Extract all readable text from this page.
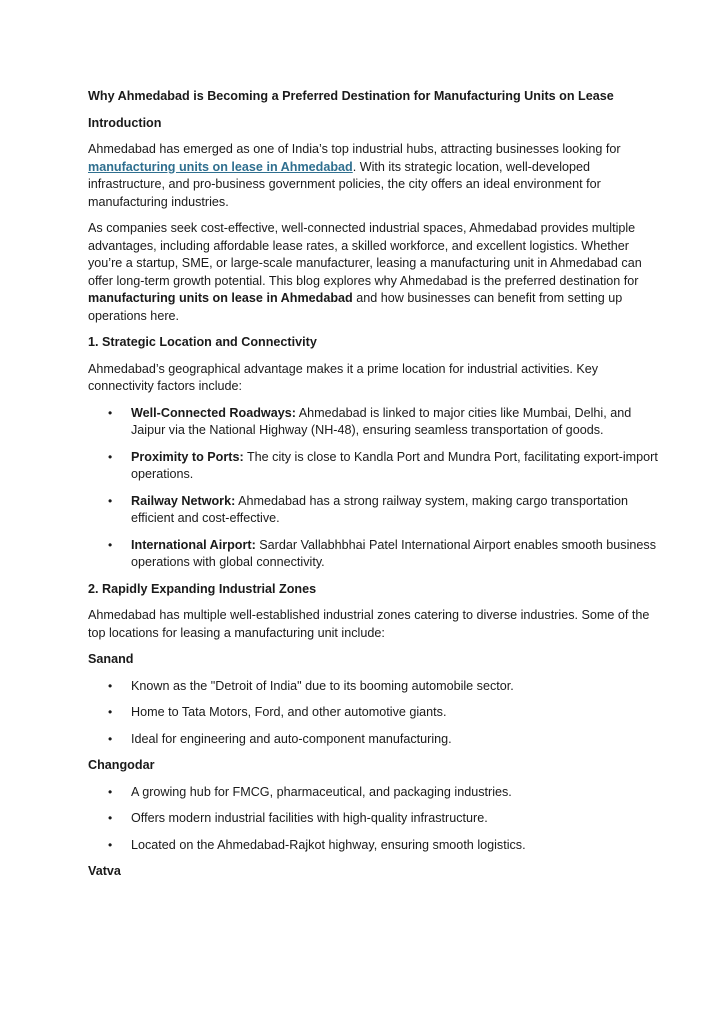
Why Ahmedabad is Becoming a Preferred Destination for Manufacturing Units on Lease
Introduction

Ahmedabad has emerged as one of India’s top industrial hubs, attracting businesses looking for manufacturing units on lease in Ahmedabad. With its strategic location, well-developed infrastructure, and pro-business government policies, the city offers an ideal environment for manufacturing industries.

As companies seek cost-effective, well-connected industrial spaces, Ahmedabad provides multiple advantages, including affordable lease rates, a skilled workforce, and excellent logistics. Whether you’re a startup, SME, or large-scale manufacturer, leasing a manufacturing unit in Ahmedabad can offer long-term growth potential. This blog explores why Ahmedabad is the preferred destination for manufacturing units on lease in Ahmedabad and how businesses can benefit from setting up operations here.

1. Strategic Location and Connectivity

Ahmedabad’s geographical advantage makes it a prime location for industrial activities. Key connectivity factors include:

• Well-Connected Roadways: Ahmedabad is linked to major cities like Mumbai, Delhi, and Jaipur via the National Highway (NH-48), ensuring seamless transportation of goods.
• Proximity to Ports: The city is close to Kandla Port and Mundra Port, facilitating export-import operations.
• Railway Network: Ahmedabad has a strong railway system, making cargo transportation efficient and cost-effective.
• International Airport: Sardar Vallabhbhai Patel International Airport enables smooth business operations with global connectivity.
2. Rapidly Expanding Industrial Zones

Ahmedabad has multiple well-established industrial zones catering to diverse industries. Some of the top locations for leasing a manufacturing unit include:

Sanand
• Known as the "Detroit of India" due to its booming automobile sector.
• Home to Tata Motors, Ford, and other automotive giants.
• Ideal for engineering and auto-component manufacturing.
Changodar
• A growing hub for FMCG, pharmaceutical, and packaging industries.
• Offers modern industrial facilities with high-quality infrastructure.
• Located on the Ahmedabad-Rajkot highway, ensuring smooth logistics.
Vatva
